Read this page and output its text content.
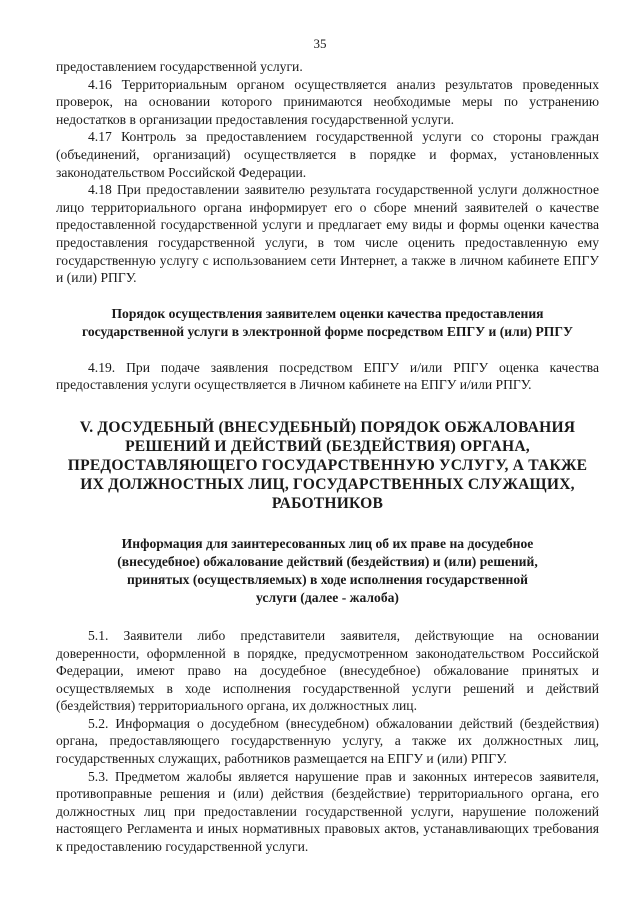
35

предоставлением государственной услуги.

4.16 Территориальным органом осуществляется анализ результатов проведенных проверок, на основании которого принимаются необходимые меры по устранению недостатков в организации предоставления государственной услуги.

4.17 Контроль за предоставлением государственной услуги со стороны граждан (объединений, организаций) осуществляется в порядке и формах, установленных законодательством Российской Федерации.

4.18 При предоставлении заявителю результата государственной услуги должностное лицо территориального органа информирует его о сборе мнений заявителей о качестве предоставленной государственной услуги и предлагает ему виды и формы оценки качества предоставления государственной услуги, в том числе оценить предоставленную ему государственную услугу с использованием сети Интернет, а также в личном кабинете ЕПГУ и (или) РПГУ.

Порядок осуществления заявителем оценки качества предоставления государственной услуги в электронной форме посредством ЕПГУ и (или) РПГУ

4.19. При подаче заявления посредством ЕПГУ и/или РПГУ оценка качества предоставления услуги осуществляется в Личном кабинете на ЕПГУ и/или РПГУ.

V. ДОСУДЕБНЫЙ (ВНЕСУДЕБНЫЙ) ПОРЯДОК ОБЖАЛОВАНИЯ РЕШЕНИЙ И ДЕЙСТВИЙ (БЕЗДЕЙСТВИЯ) ОРГАНА, ПРЕДОСТАВЛЯЮЩЕГО ГОСУДАРСТВЕННУЮ УСЛУГУ, А ТАКЖЕ ИХ ДОЛЖНОСТНЫХ ЛИЦ, ГОСУДАРСТВЕННЫХ СЛУЖАЩИХ, РАБОТНИКОВ
Информация для заинтересованных лиц об их праве на досудебное (внесудебное) обжалование действий (бездействия) и (или) решений, принятых (осуществляемых) в ходе исполнения государственной услуги (далее - жалоба)

5.1. Заявители либо представители заявителя, действующие на основании доверенности, оформленной в порядке, предусмотренном законодательством Российской Федерации, имеют право на досудебное (внесудебное) обжалование принятых и осуществляемых в ходе исполнения государственной услуги решений и действий (бездействия) территориального органа, их должностных лиц.

5.2. Информация о досудебном (внесудебном) обжаловании действий (бездействия) органа, предоставляющего государственную услугу, а также их должностных лиц, государственных служащих, работников размещается на ЕПГУ и (или) РПГУ.

5.3. Предметом жалобы является нарушение прав и законных интересов заявителя, противоправные решения и (или) действия (бездействие) территориального органа, его должностных лиц при предоставлении государственной услуги, нарушение положений настоящего Регламента и иных нормативных правовых актов, устанавливающих требования к предоставлению государственной услуги.
